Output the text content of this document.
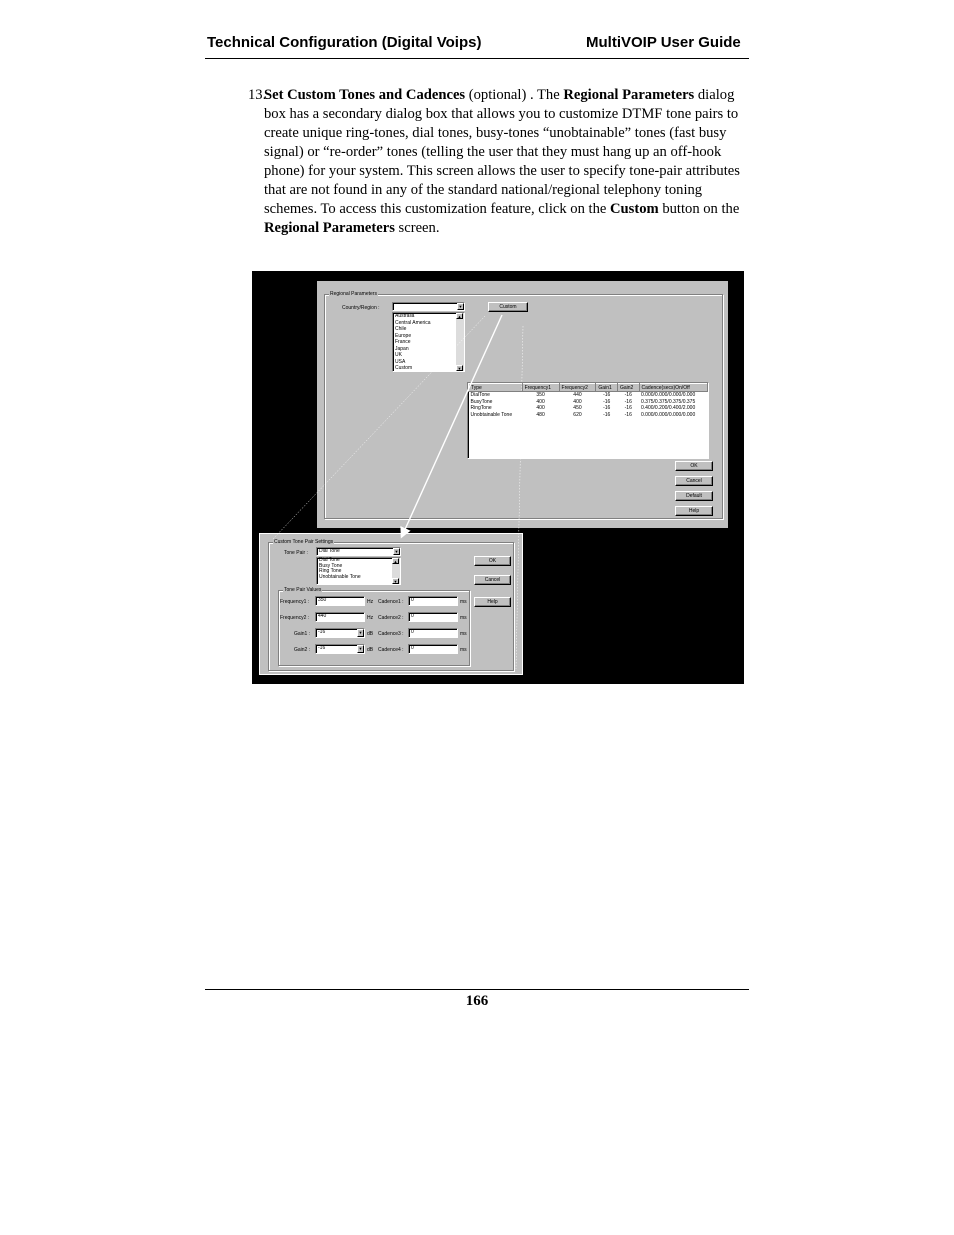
Technical Configuration (Digital Voips)	MultiVOIP User Guide
13.
Set Custom Tones and Cadences (optional) . The Regional Parameters dialog box has a secondary dialog box that allows you to customize DTMF tone pairs to create unique ring-tones, dial tones, busy-tones “unobtainable” tones (fast busy signal) or “re-order” tones (telling the user that they must hang up an off-hook phone) for your system. This screen allows the user to specify tone-pair attributes that are not found in any of the standard national/regional telephony toning schemes. To access this customization feature, click on the Custom button on the Regional Parameters screen.
Regional Parameters
Country/Region :	▼
Australia
Central America
Chile
Europe
France
Japan
UK
USA
Custom
▲
▼
Custom
Type	Frequency1	Frequency2	Gain1	Gain2	Cadence(secs)On/Off
DialTone	350	440	-16	-16	0.000/0.000/0.000/0.000
BusyTone	400	400	-16	-16	0.375/0.375/0.375/0.375
RingTone	400	450	-16	-16	0.400/0.200/0.400/2.000
Unobtainable Tone	480	620	-16	-16	0.000/0.000/0.000/0.000
OK
Cancel
Default
Help
Custom Tone Pair Settings
Tone Pair :	Dial Tone	▼
Dial Tone
Busy Tone
Ring Tone
Unobtainable Tone
▲
▼
Tone Pair Values
Frequency1 :	350	Hz Cadence1 :	0	ms
Frequency2 :	440	Hz Cadence2 :	0	ms
Gain1 :	-16	▼ dB Cadence3 :	0	ms
Gain2 :	-16	▼ dB Cadence4 :	0	ms
OK
Cancel
Help
166
